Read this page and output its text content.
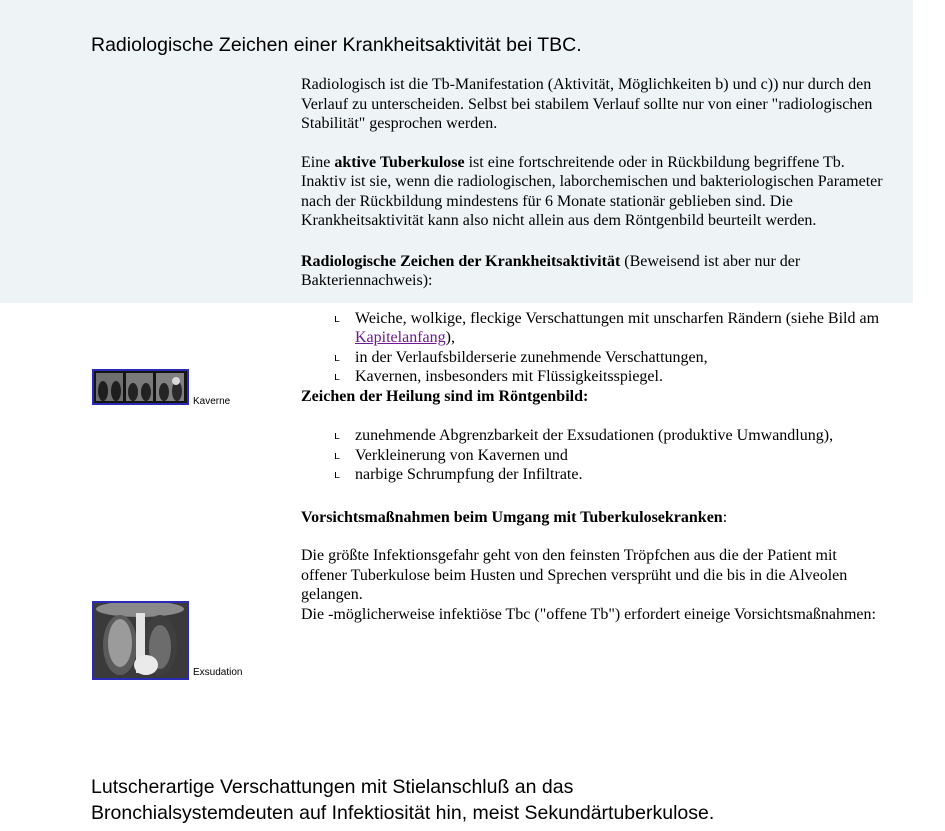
Radiologische Zeichen einer Krankheitsaktivität bei TBC.

Radiologisch ist die Tb-Manifestation (Aktivität, Möglichkeiten b) und c)) nur durch den Verlauf zu unterscheiden. Selbst bei stabilem Verlauf sollte nur von einer "radiologischen Stabilität" gesprochen werden.

Eine aktive Tuberkulose ist eine fortschreitende oder in Rückbildung begriffene Tb. Inaktiv ist sie, wenn die radiologischen, laborchemischen und bakteriologischen Parameter nach der Rückbildung mindestens für 6 Monate stationär geblieben sind. Die Krankheitsaktivität kann also nicht allein aus dem Röntgenbild beurteilt werden.

Radiologische Zeichen der Krankheitsaktivität (Beweisend ist aber nur der Bakteriennachweis):

ʟ Weiche, wolkige, fleckige Verschattungen mit unscharfen Rändern (siehe Bild am Kapitelanfang),
ʟ in der Verlaufsbilderserie zunehmende Verschattungen,
ʟ Kavernen, insbesonders mit Flüssigkeitsspiegel.

Zeichen der Heilung sind im Röntgenbild:

ʟ zunehmende Abgrenzbarkeit der Exsudationen (produktive Umwandlung),
ʟ Verkleinerung von Kavernen und
ʟ narbige Schrumpfung der Infiltrate.

Vorsichtsmaßnahmen beim Umgang mit Tuberkulosekranken:

Die größte Infektionsgefahr geht von den feinsten Tröpfchen aus die der Patient mit offener Tuberkulose beim Husten und Sprechen versprüht und die bis in die Alveolen gelangen.
Die -möglicherweise infektiöse Tbc ("offene Tb") erfordert eineige Vorsichtsmaßnahmen:

Kaverne
Exsudation
Lutscherartige Verschattungen mit Stielanschluß an das
Bronchialsystemdeuten auf Infektiosität hin, meist Sekundärtuberkulose.
